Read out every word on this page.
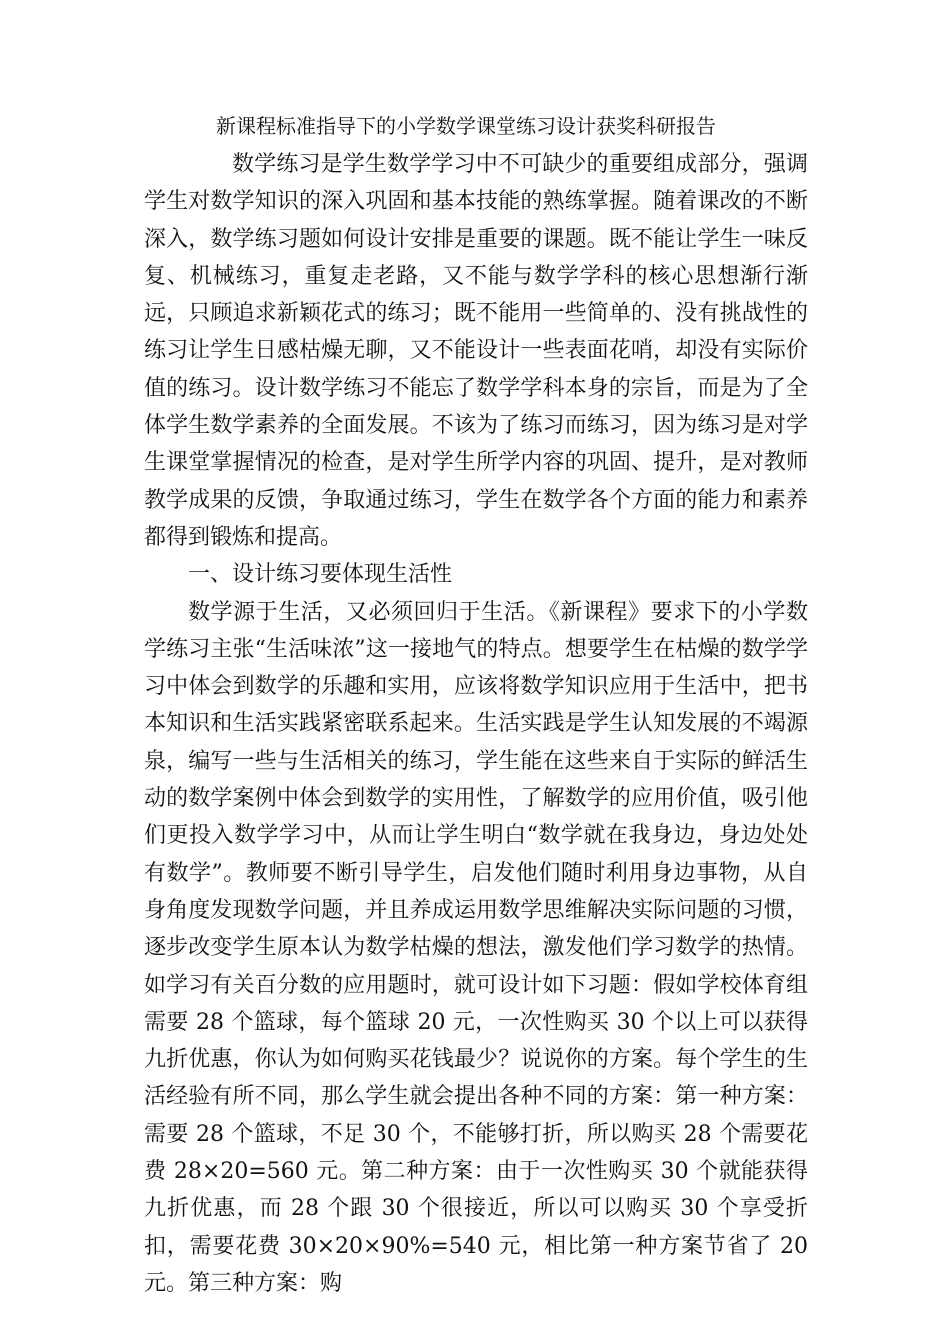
新课程标准指导下的小学数学课堂练习设计获奖科研报告

数学练习是学生数学学习中不可缺少的重要组成部分，强调学生对数学知识的深入巩固和基本技能的熟练掌握。随着课改的不断深入，数学练习题如何设计安排是重要的课题。既不能让学生一味反复、机械练习，重复走老路，又不能与数学学科的核心思想渐行渐远，只顾追求新颖花式的练习；既不能用一些简单的、没有挑战性的练习让学生日感枯燥无聊，又不能设计一些表面花哨，却没有实际价值的练习。设计数学练习不能忘了数学学科本身的宗旨，而是为了全体学生数学素养的全面发展。不该为了练习而练习，因为练习是对学生课堂掌握情况的检查，是对学生所学内容的巩固、提升，是对教师教学成果的反馈，争取通过练习，学生在数学各个方面的能力和素养都得到锻炼和提高。

一、设计练习要体现生活性

数学源于生活，又必须回归于生活。《新课程》要求下的小学数学练习主张“生活味浓”这一接地气的特点。想要学生在枯燥的数学学习中体会到数学的乐趣和实用，应该将数学知识应用于生活中，把书本知识和生活实践紧密联系起来。生活实践是学生认知发展的不竭源泉，编写一些与生活相关的练习，学生能在这些来自于实际的鲜活生动的数学案例中体会到数学的实用性，了解数学的应用价值，吸引他们更投入数学学习中，从而让学生明白“数学就在我身边，身边处处有数学”。教师要不断引导学生，启发他们随时利用身边事物，从自身角度发现数学问题，并且养成运用数学思维解决实际问题的习惯，逐步改变学生原本认为数学枯燥的想法，激发他们学习数学的热情。如学习有关百分数的应用题时，就可设计如下习题：假如学校体育组需要 28 个篮球，每个篮球 20 元，一次性购买 30 个以上可以获得九折优惠，你认为如何购买花钱最少？说说你的方案。每个学生的生活经验有所不同，那么学生就会提出各种不同的方案：第一种方案：需要 28 个篮球，不足 30 个，不能够打折，所以购买 28 个需要花费 28×20=560 元。第二种方案：由于一次性购买 30 个就能获得九折优惠，而 28 个跟 30 个很接近，所以可以购买 30 个享受折扣，需要花费 30×20×90%=540 元，相比第一种方案节省了 20 元。第三种方案：购
